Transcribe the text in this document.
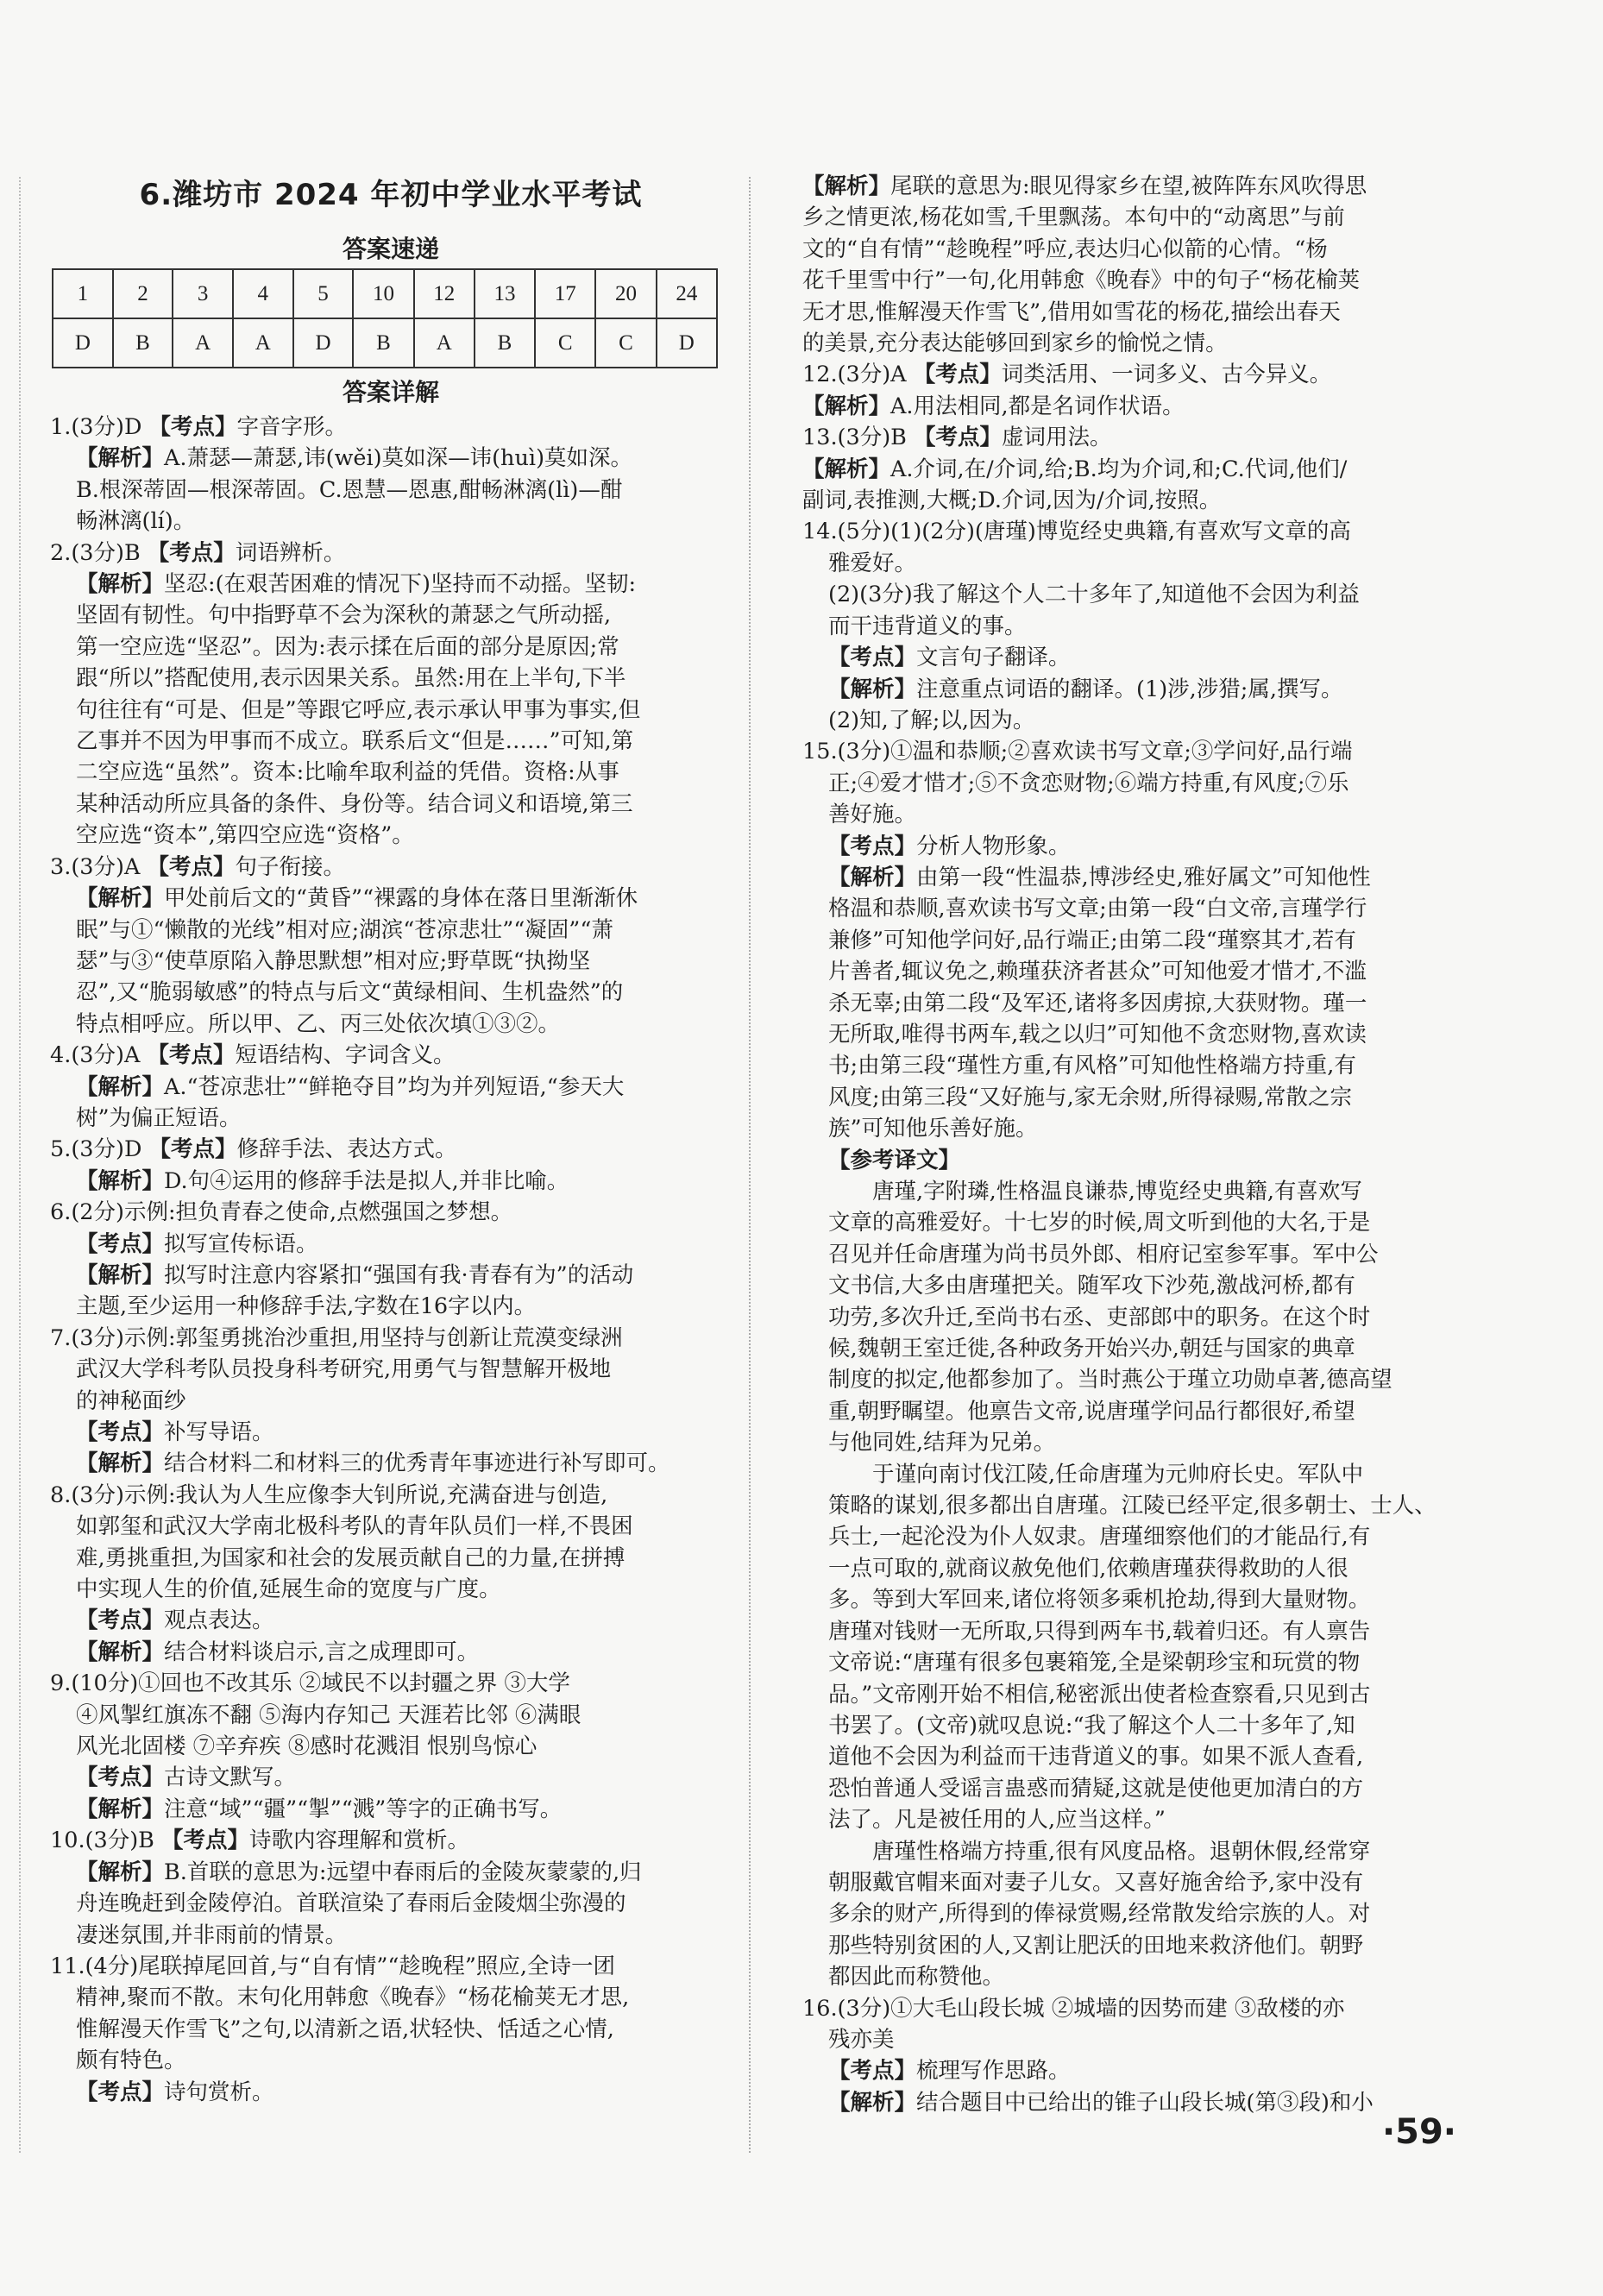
6.潍坊市 2024 年初中学业水平考试
答案速递
1	2	3	4	5	10	12	13	17	20	24
D	B	A	A	D	B	A	B	C	C	D
答案详解

1.(3分)D 【考点】字音字形。

【解析】A.萧瑟—萧瑟,讳(wěi)莫如深—讳(huì)莫如深。

B.根深蒂固—根深蒂固。C.恩慧—恩惠,酣畅淋漓(lì)—酣

畅淋漓(lí)。

2.(3分)B 【考点】词语辨析。

【解析】坚忍:(在艰苦困难的情况下)坚持而不动摇。坚韧:

坚固有韧性。句中指野草不会为深秋的萧瑟之气所动摇,

第一空应选“坚忍”。因为:表示揉在后面的部分是原因;常

跟“所以”搭配使用,表示因果关系。虽然:用在上半句,下半

句往往有“可是、但是”等跟它呼应,表示承认甲事为事实,但

乙事并不因为甲事而不成立。联系后文“但是……”可知,第

二空应选“虽然”。资本:比喻牟取利益的凭借。资格:从事

某种活动所应具备的条件、身份等。结合词义和语境,第三

空应选“资本”,第四空应选“资格”。

3.(3分)A 【考点】句子衔接。

【解析】甲处前后文的“黄昏”“裸露的身体在落日里渐渐休

眠”与①“懒散的光线”相对应;湖滨“苍凉悲壮”“凝固”“萧

瑟”与③“使草原陷入静思默想”相对应;野草既“执拗坚

忍”,又“脆弱敏感”的特点与后文“黄绿相间、生机盎然”的

特点相呼应。所以甲、乙、丙三处依次填①③②。

4.(3分)A 【考点】短语结构、字词含义。

【解析】A.“苍凉悲壮”“鲜艳夺目”均为并列短语,“参天大

树”为偏正短语。

5.(3分)D 【考点】修辞手法、表达方式。

【解析】D.句④运用的修辞手法是拟人,并非比喻。

6.(2分)示例:担负青春之使命,点燃强国之梦想。

【考点】拟写宣传标语。

【解析】拟写时注意内容紧扣“强国有我·青春有为”的活动

主题,至少运用一种修辞手法,字数在16字以内。

7.(3分)示例:郭玺勇挑治沙重担,用坚持与创新让荒漠变绿洲

武汉大学科考队员投身科考研究,用勇气与智慧解开极地

的神秘面纱

【考点】补写导语。

【解析】结合材料二和材料三的优秀青年事迹进行补写即可。

8.(3分)示例:我认为人生应像李大钊所说,充满奋进与创造,

如郭玺和武汉大学南北极科考队的青年队员们一样,不畏困

难,勇挑重担,为国家和社会的发展贡献自己的力量,在拼搏

中实现人生的价值,延展生命的宽度与广度。

【考点】观点表达。

【解析】结合材料谈启示,言之成理即可。

9.(10分)①回也不改其乐 ②域民不以封疆之界 ③大学

④风掣红旗冻不翻 ⑤海内存知己 天涯若比邻 ⑥满眼

风光北固楼 ⑦辛弃疾 ⑧感时花溅泪 恨别鸟惊心

【考点】古诗文默写。

【解析】注意“域”“疆”“掣”“溅”等字的正确书写。

10.(3分)B 【考点】诗歌内容理解和赏析。

【解析】B.首联的意思为:远望中春雨后的金陵灰蒙蒙的,归

舟连晚赶到金陵停泊。首联渲染了春雨后金陵烟尘弥漫的

凄迷氛围,并非雨前的情景。

11.(4分)尾联掉尾回首,与“自有情”“趁晚程”照应,全诗一团

精神,聚而不散。末句化用韩愈《晚春》“杨花榆荚无才思,

惟解漫天作雪飞”之句,以清新之语,状轻快、恬适之心情,

颇有特色。

【考点】诗句赏析。

【解析】尾联的意思为:眼见得家乡在望,被阵阵东风吹得思

乡之情更浓,杨花如雪,千里飘荡。本句中的“动离思”与前

文的“自有情”“趁晚程”呼应,表达归心似箭的心情。“杨

花千里雪中行”一句,化用韩愈《晚春》中的句子“杨花榆荚

无才思,惟解漫天作雪飞”,借用如雪花的杨花,描绘出春天

的美景,充分表达能够回到家乡的愉悦之情。

12.(3分)A 【考点】词类活用、一词多义、古今异义。

【解析】A.用法相同,都是名词作状语。

13.(3分)B 【考点】虚词用法。

【解析】A.介词,在/介词,给;B.均为介词,和;C.代词,他们/

副词,表推测,大概;D.介词,因为/介词,按照。

14.(5分)(1)(2分)(唐瑾)博览经史典籍,有喜欢写文章的高

雅爱好。

(2)(3分)我了解这个人二十多年了,知道他不会因为利益

而干违背道义的事。

【考点】文言句子翻译。

【解析】注意重点词语的翻译。(1)涉,涉猎;属,撰写。

(2)知,了解;以,因为。

15.(3分)①温和恭顺;②喜欢读书写文章;③学问好,品行端

正;④爱才惜才;⑤不贪恋财物;⑥端方持重,有风度;⑦乐

善好施。

【考点】分析人物形象。

【解析】由第一段“性温恭,博涉经史,雅好属文”可知他性

格温和恭顺,喜欢读书写文章;由第一段“白文帝,言瑾学行

兼修”可知他学问好,品行端正;由第二段“瑾察其才,若有

片善者,辄议免之,赖瑾获济者甚众”可知他爱才惜才,不滥

杀无辜;由第二段“及军还,诸将多因虏掠,大获财物。瑾一

无所取,唯得书两车,载之以归”可知他不贪恋财物,喜欢读

书;由第三段“瑾性方重,有风格”可知他性格端方持重,有

风度;由第三段“又好施与,家无余财,所得禄赐,常散之宗

族”可知他乐善好施。

【参考译文】

唐瑾,字附璘,性格温良谦恭,博览经史典籍,有喜欢写

文章的高雅爱好。十七岁的时候,周文听到他的大名,于是

召见并任命唐瑾为尚书员外郎、相府记室参军事。军中公

文书信,大多由唐瑾把关。随军攻下沙苑,激战河桥,都有

功劳,多次升迁,至尚书右丞、吏部郎中的职务。在这个时

候,魏朝王室迁徙,各种政务开始兴办,朝廷与国家的典章

制度的拟定,他都参加了。当时燕公于瑾立功勋卓著,德高望

重,朝野瞩望。他禀告文帝,说唐瑾学问品行都很好,希望

与他同姓,结拜为兄弟。

于谨向南讨伐江陵,任命唐瑾为元帅府长史。军队中

策略的谋划,很多都出自唐瑾。江陵已经平定,很多朝士、士人、

兵士,一起沦没为仆人奴隶。唐瑾细察他们的才能品行,有

一点可取的,就商议赦免他们,依赖唐瑾获得救助的人很

多。等到大军回来,诸位将领多乘机抢劫,得到大量财物。

唐瑾对钱财一无所取,只得到两车书,载着归还。有人禀告

文帝说:“唐瑾有很多包裹箱笼,全是梁朝珍宝和玩赏的物

品。”文帝刚开始不相信,秘密派出使者检查察看,只见到古

书罢了。(文帝)就叹息说:“我了解这个人二十多年了,知

道他不会因为利益而干违背道义的事。如果不派人查看,

恐怕普通人受谣言蛊惑而猜疑,这就是使他更加清白的方

法了。凡是被任用的人,应当这样。”

唐瑾性格端方持重,很有风度品格。退朝休假,经常穿

朝服戴官帽来面对妻子儿女。又喜好施舍给予,家中没有

多余的财产,所得到的俸禄赏赐,经常散发给宗族的人。对

那些特别贫困的人,又割让肥沃的田地来救济他们。朝野

都因此而称赞他。

16.(3分)①大毛山段长城 ②城墙的因势而建 ③敌楼的亦

残亦美

【考点】梳理写作思路。

【解析】结合题目中已给出的锥子山段长城(第③段)和小

·59·
